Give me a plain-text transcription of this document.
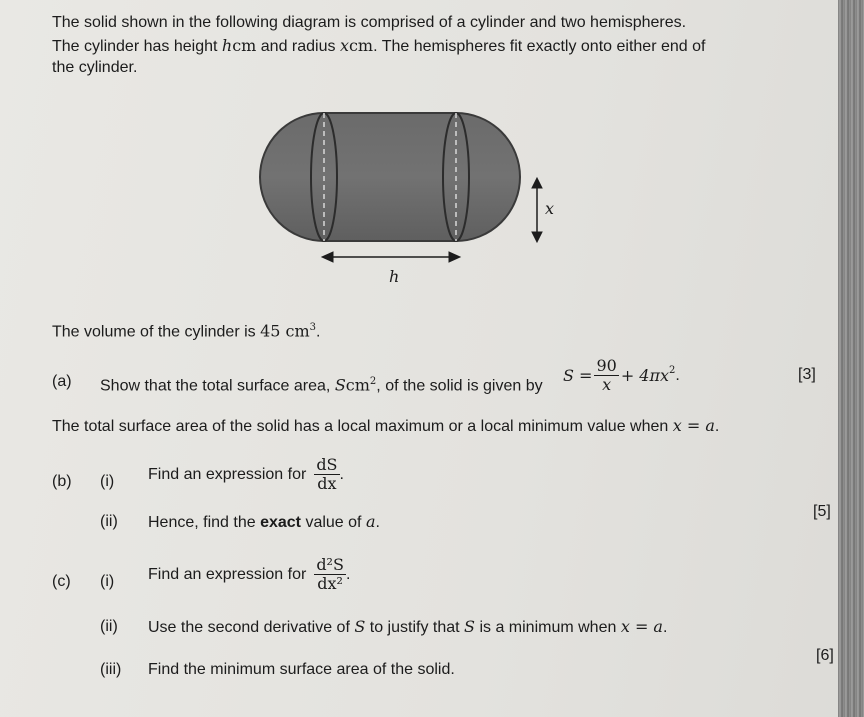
The solid shown in the following diagram is comprised of a cylinder and two hemispheres.
The cylinder has height hcm and radius xcm. The hemispheres fit exactly onto either end of
the cylinder.
x
h
The volume of the cylinder is 45 $cm^3$.
(a) Show that the total surface area, Scm$^2$, of the solid is given by
$S = \frac{90}{x} + 4\pi x^2$ .	[3]
The total surface area of the solid has a local maximum or a local minimum value when x = a.
(b) (i) Find an expression for $\frac{dS}{dx}$ .
(ii) Hence, find the exact value of a.
[5]
(c) (i) Find an expression for $\frac{\text{d²S}}{\text{dx²}}$ .
(ii) Use the second derivative of S to justify that S is a minimum when x = a.
(iii) Find the minimum surface area of the solid.
[6]
